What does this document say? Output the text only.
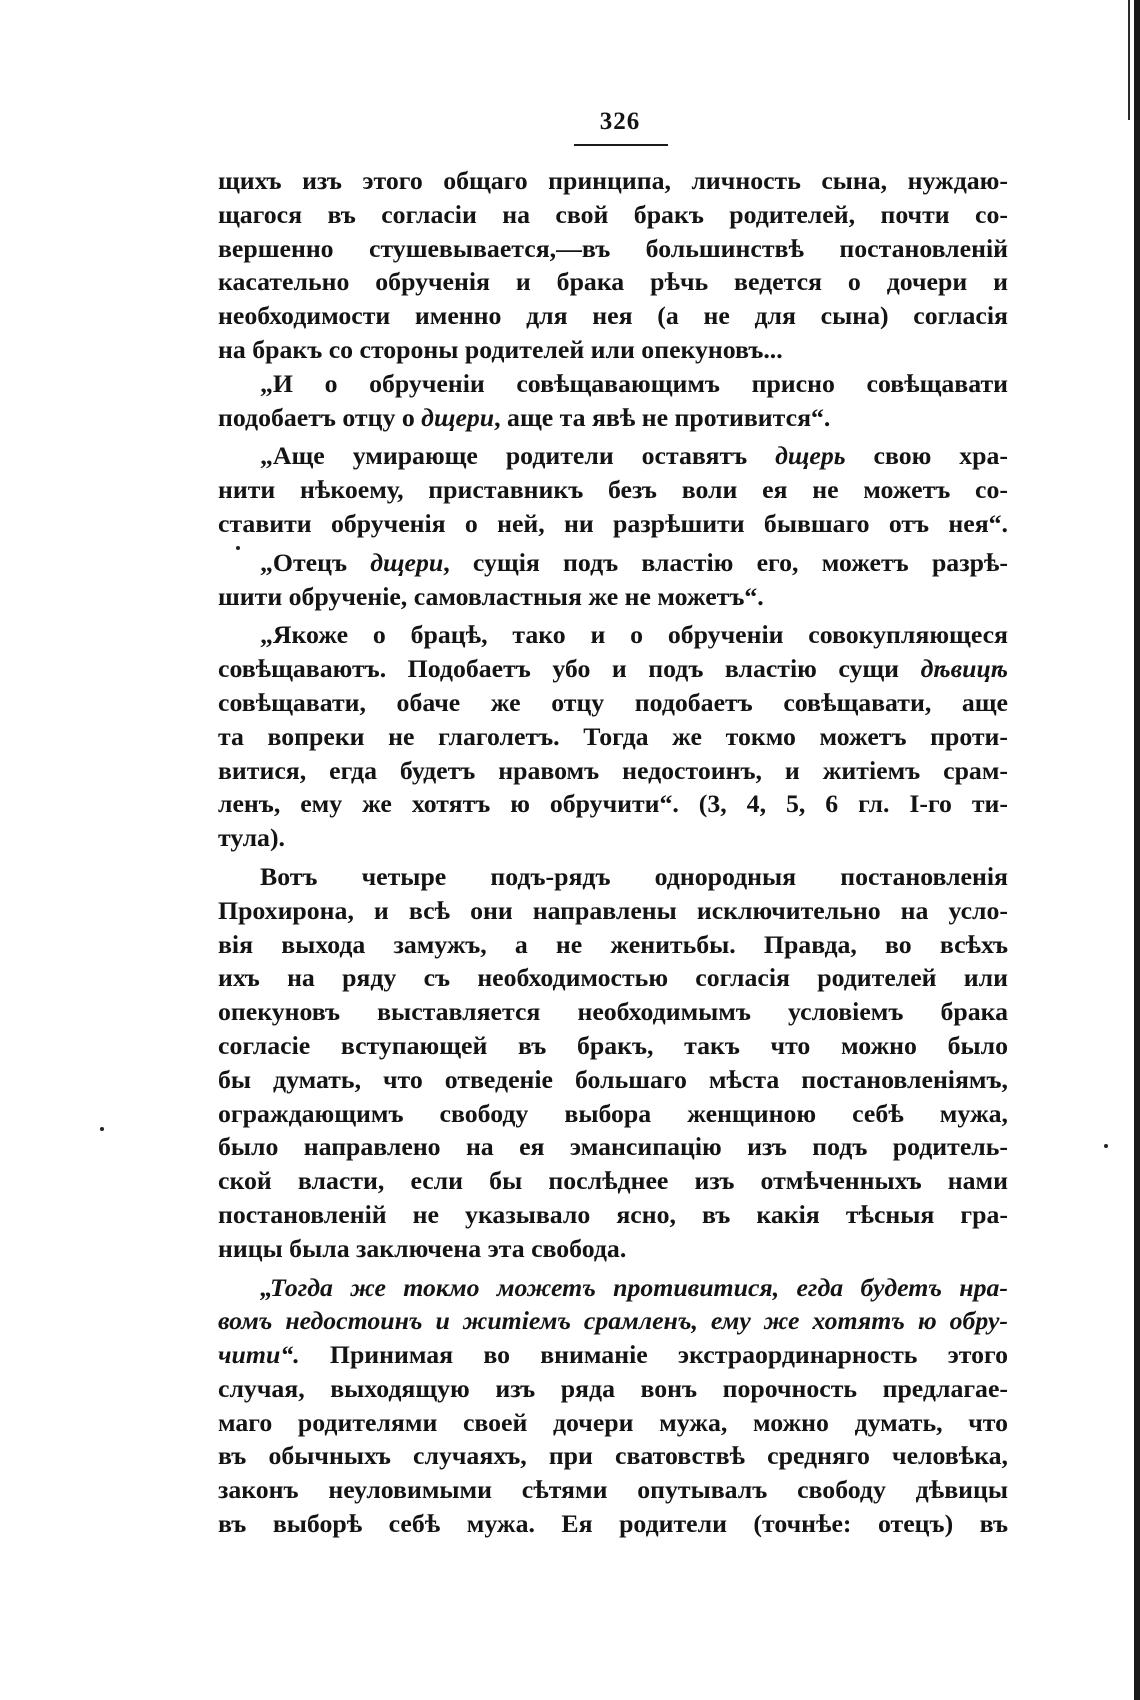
326
щихъ изъ этого общаго принципа, личность сына, нуждаю-
щагося въ согласіи на свой бракъ родителей, почти со-
вершенно стушевывается,—въ большинствѣ постановленій
касательно обрученія и брака рѣчь ведется о дочери и
необходимости именно для нея (а не для сына) согласія
на бракъ со стороны родителей или опекуновъ...
„И о обрученіи совѣщавающимъ присно совѣщавати
подобаетъ отцу о дщери, аще та явѣ не противится“.
„Аще умирающе родители оставятъ дщерь свою хра-
нити нѣкоему, приставникъ безъ воли ея не можетъ со-
ставити обрученія о ней, ни разрѣшити бывшаго отъ нея“.
„Отецъ дщери, сущія подъ властію его, можетъ разрѣ-
шити обрученіе, самовластныя же не можетъ“.
„Якоже о брацѣ, тако и о обрученіи совокупляющеся
совѣщаваютъ. Подобаетъ убо и подъ властію сущи дѣвицѣ
совѣщавати, обаче же отцу подобаетъ совѣщавати, аще
та вопреки не глаголетъ. Тогда же токмо можетъ проти-
витися, егда будетъ нравомъ недостоинъ, и житіемъ срам-
ленъ, ему же хотятъ ю обручити“. (3, 4, 5, 6 гл. I-го ти-
тула).
Вотъ четыре подъ-рядъ однородныя постановленія
Прохирона, и всѣ они направлены исключительно на усло-
вія выхода замужъ, а не женитьбы. Правда, во всѣхъ
ихъ на ряду съ необходимостью согласія родителей или
опекуновъ выставляется необходимымъ условіемъ брака
согласіе вступающей въ бракъ, такъ что можно было
бы думать, что отведеніе большаго мѣста постановленіямъ,
ограждающимъ свободу выбора женщиною себѣ мужа,
было направлено на ея эмансипацію изъ подъ родитель-
ской власти, если бы послѣднее изъ отмѣченныхъ нами
постановленій не указывало ясно, въ какія тѣсныя гра-
ницы была заключена эта свобода.
„Тогда же токмо можетъ противитися, егда будетъ нра-
вомъ недостоинъ и житіемъ срамленъ, ему же хотятъ ю обру-
чити“. Принимая во вниманіе экстраординарность этого
случая, выходящую изъ ряда вонъ порочность предлагае-
маго родителями своей дочери мужа, можно думать, что
въ обычныхъ случаяхъ, при сватовствѣ средняго человѣка,
законъ неуловимыми сѣтями опутывалъ свободу дѣвицы
въ выборѣ себѣ мужа. Ея родители (точнѣе: отецъ) въ
